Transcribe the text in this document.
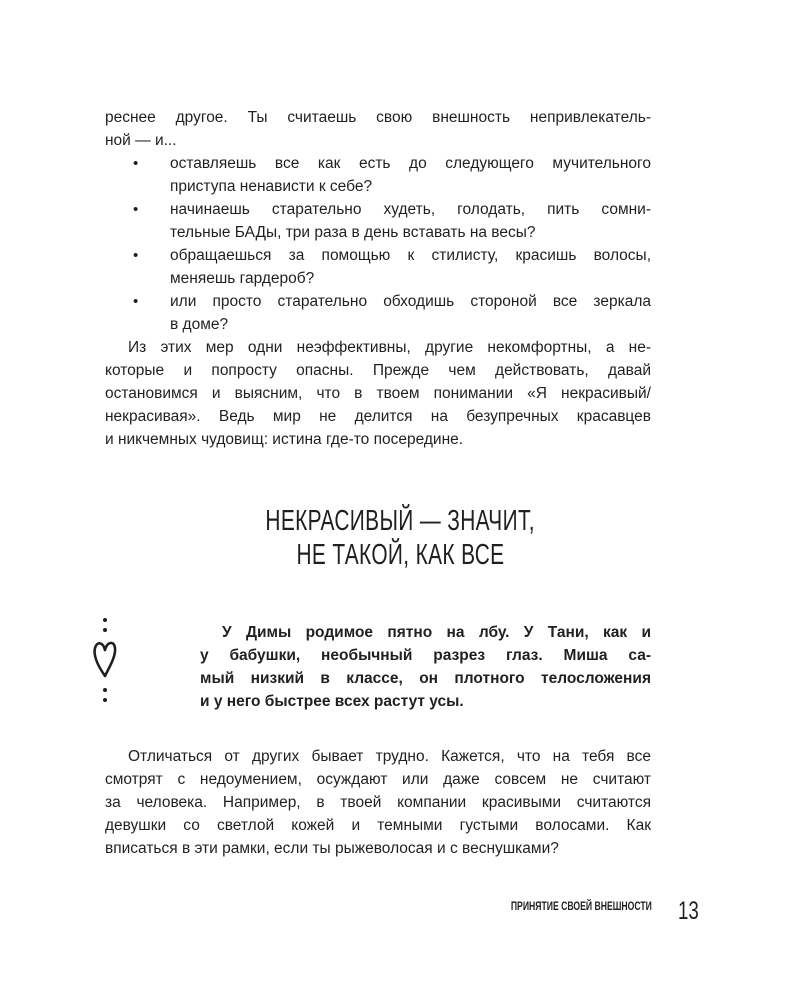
реснее другое. Ты считаешь свою внешность непривлекатель-
ной — и...
• оставляешь все как есть до следующего мучительного
приступа ненависти к себе?
• начинаешь старательно худеть, голодать, пить сомни-
тельные БАДы, три раза в день вставать на весы?
• обращаешься за помощью к стилисту, красишь волосы,
меняешь гардероб?
• или просто старательно обходишь стороной все зеркала
в доме?
Из этих мер одни неэффективны, другие некомфортны, а не-
которые и попросту опасны. Прежде чем действовать, давай
остановимся и выясним, что в твоем понимании «Я некрасивый/
некрасивая». Ведь мир не делится на безупречных красавцев
и никчемных чудовищ: истина где-то посередине.
НЕКРАСИВЫЙ — ЗНАЧИТ,
НЕ ТАКОЙ, КАК ВСЕ
У Димы родимое пятно на лбу. У Тани, как и
у бабушки, необычный разрез глаз. Миша са-
мый низкий в классе, он плотного телосложения
и у него быстрее всех растут усы.
Отличаться от других бывает трудно. Кажется, что на тебя все
смотрят с недоумением, осуждают или даже совсем не считают
за человека. Например, в твоей компании красивыми считаются
девушки со светлой кожей и темными густыми волосами. Как
вписаться в эти рамки, если ты рыжеволосая и с веснушками?
ПРИНЯТИЕ СВОЕЙ ВНЕШНОСТИ 13
